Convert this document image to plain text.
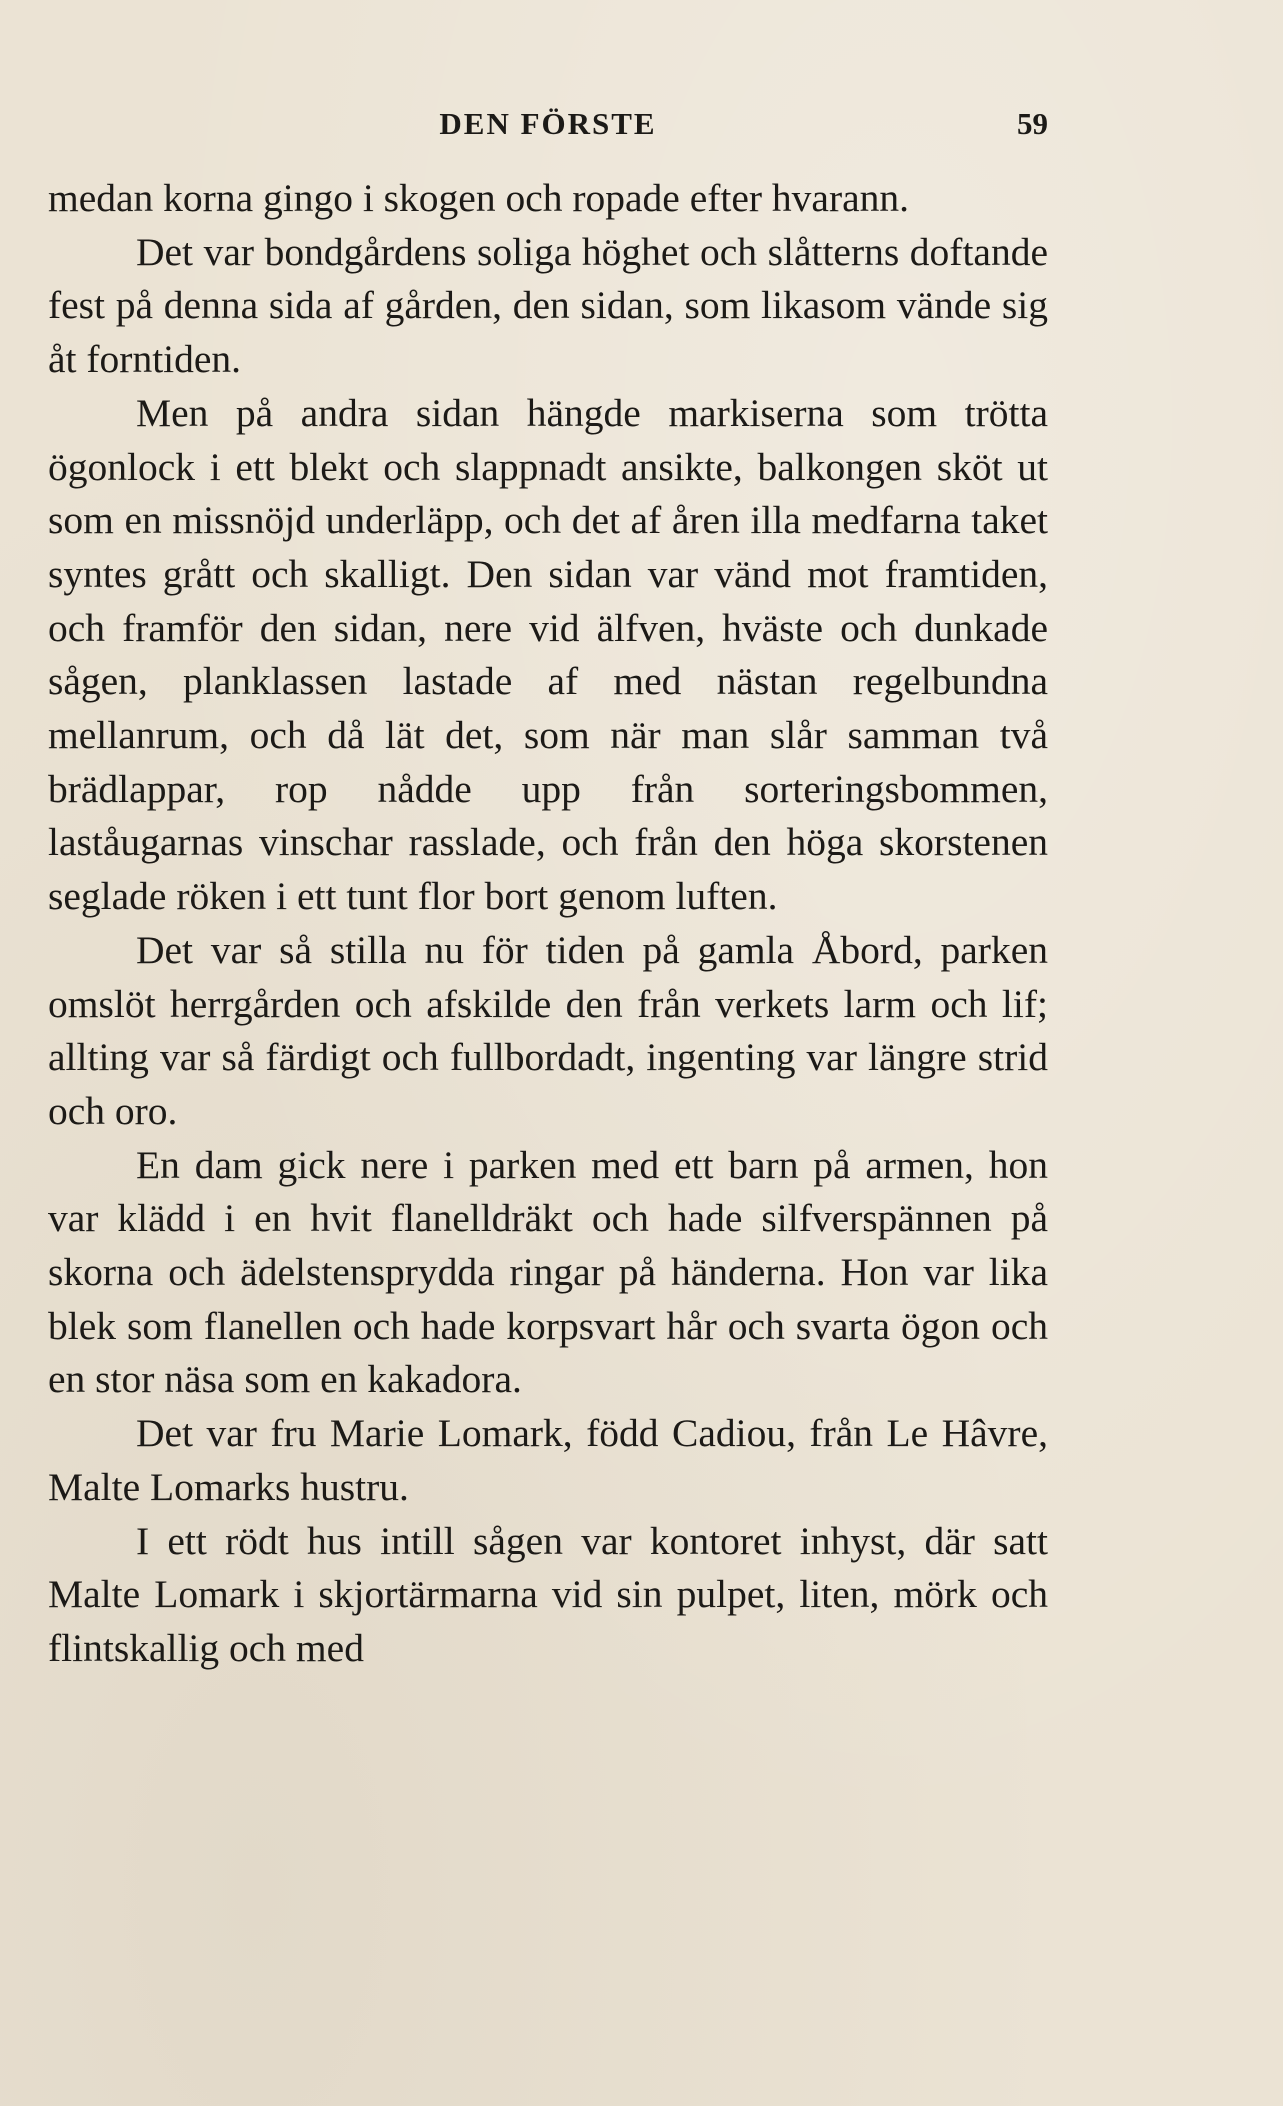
DEN FÖRSTE	59

medan korna gingo i skogen och ropade efter hvarann.

Det var bondgårdens soliga höghet och slåtterns doftande fest på denna sida af gården, den sidan, som likasom vände sig åt forntiden.

Men på andra sidan hängde markiserna som trötta ögonlock i ett blekt och slappnadt ansikte, balkongen sköt ut som en missnöjd underläpp, och det af åren illa medfarna taket syntes grått och skalligt. Den sidan var vänd mot framtiden, och framför den sidan, nere vid älfven, hväste och dunkade sågen, planklassen lastade af med nästan regelbundna mellanrum, och då lät det, som när man slår samman två brädlappar, rop nådde upp från sorteringsbommen, laståugarnas vinschar rasslade, och från den höga skorstenen seglade röken i ett tunt flor bort genom luften.

Det var så stilla nu för tiden på gamla Åbord, parken omslöt herrgården och afskilde den från verkets larm och lif; allting var så färdigt och fullbordadt, ingenting var längre strid och oro.

En dam gick nere i parken med ett barn på armen, hon var klädd i en hvit flanelldräkt och hade silfverspännen på skorna och ädelstensprydda ringar på händerna. Hon var lika blek som flanellen och hade korpsvart hår och svarta ögon och en stor näsa som en kakadora.

Det var fru Marie Lomark, född Cadiou, från Le Hâvre, Malte Lomarks hustru.

I ett rödt hus intill sågen var kontoret inhyst, där satt Malte Lomark i skjortärmarna vid sin pulpet, liten, mörk och flintskallig och med
